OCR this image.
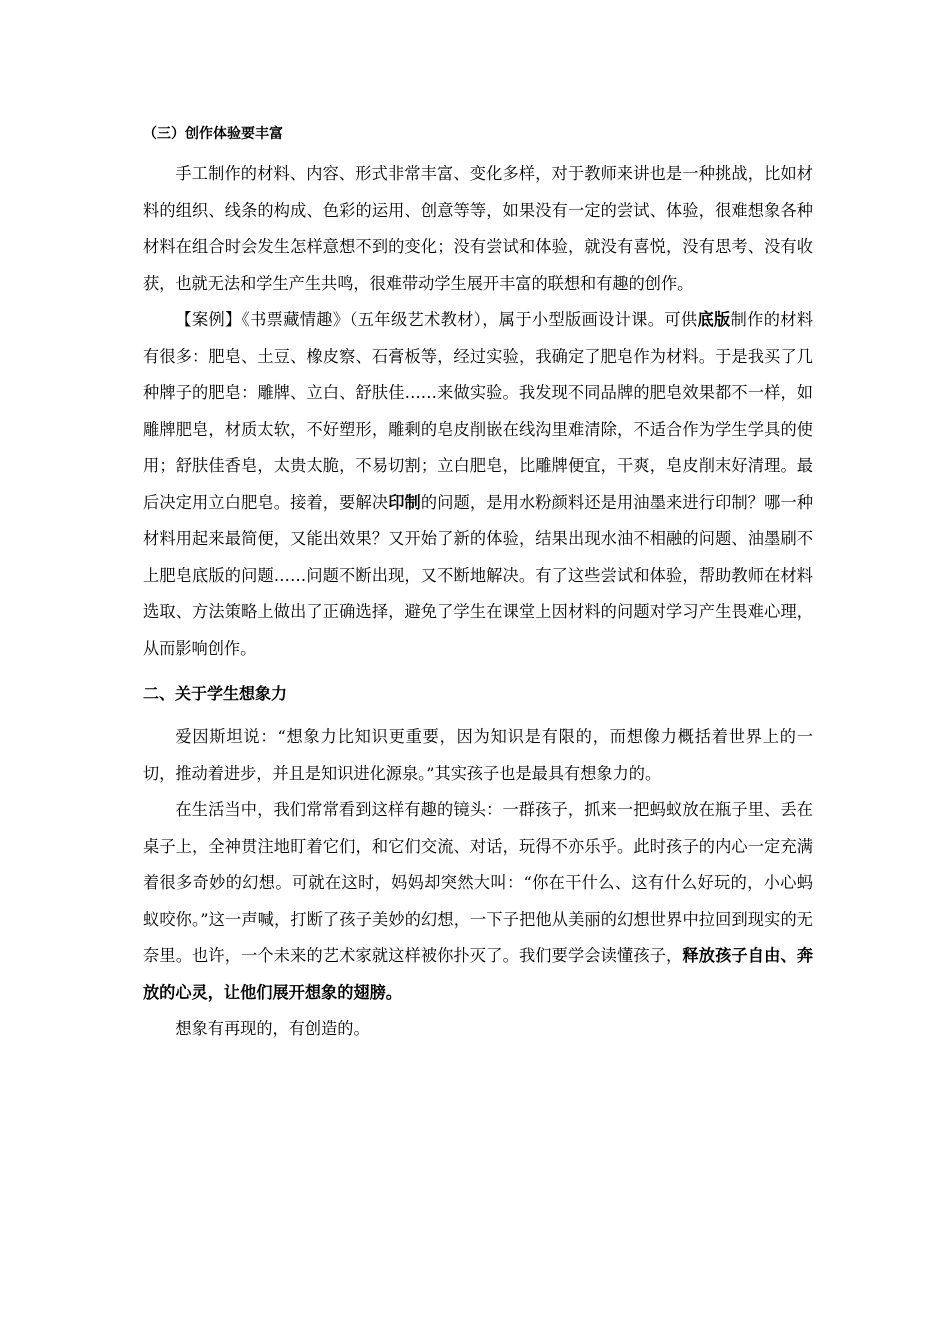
（三）创作体验要丰富

手工制作的材料、内容、形式非常丰富、变化多样，对于教师来讲也是一种挑战，比如材料的组织、线条的构成、色彩的运用、创意等等，如果没有一定的尝试、体验，很难想象各种材料在组合时会发生怎样意想不到的变化；没有尝试和体验，就没有喜悦，没有思考、没有收获，也就无法和学生产生共鸣，很难带动学生展开丰富的联想和有趣的创作。

【案例】《书票藏情趣》（五年级艺术教材），属于小型版画设计课。可供底版制作的材料有很多：肥皂、土豆、橡皮察、石膏板等，经过实验，我确定了肥皂作为材料。于是我买了几种牌子的肥皂：雕牌、立白、舒肤佳……来做实验。我发现不同品牌的肥皂效果都不一样，如雕牌肥皂，材质太软，不好塑形，雕剩的皂皮削嵌在线沟里难清除，不适合作为学生学具的使用；舒肤佳香皂，太贵太脆，不易切割；立白肥皂，比雕牌便宜，干爽，皂皮削末好清理。最后决定用立白肥皂。接着，要解决印制的问题，是用水粉颜料还是用油墨来进行印制？哪一种材料用起来最简便，又能出效果？又开始了新的体验，结果出现水油不相融的问题、油墨刷不上肥皂底版的问题……问题不断出现，又不断地解决。有了这些尝试和体验，帮助教师在材料选取、方法策略上做出了正确选择，避免了学生在课堂上因材料的问题对学习产生畏难心理，从而影响创作。

二、关于学生想象力

爱因斯坦说：“想象力比知识更重要，因为知识是有限的，而想像力概括着世界上的一切，推动着进步，并且是知识进化源泉。”其实孩子也是最具有想象力的。

在生活当中，我们常常看到这样有趣的镜头：一群孩子，抓来一把蚂蚁放在瓶子里、丢在桌子上，全神贯注地盯着它们，和它们交流、对话，玩得不亦乐乎。此时孩子的内心一定充满着很多奇妙的幻想。可就在这时，妈妈却突然大叫：“你在干什么、这有什么好玩的，小心蚂蚁咬你。”这一声喊，打断了孩子美妙的幻想，一下子把他从美丽的幻想世界中拉回到现实的无奈里。也许，一个未来的艺术家就这样被你扑灭了。我们要学会读懂孩子，释放孩子自由、奔放的心灵，让他们展开想象的翅膀。

想象有再现的，有创造的。
